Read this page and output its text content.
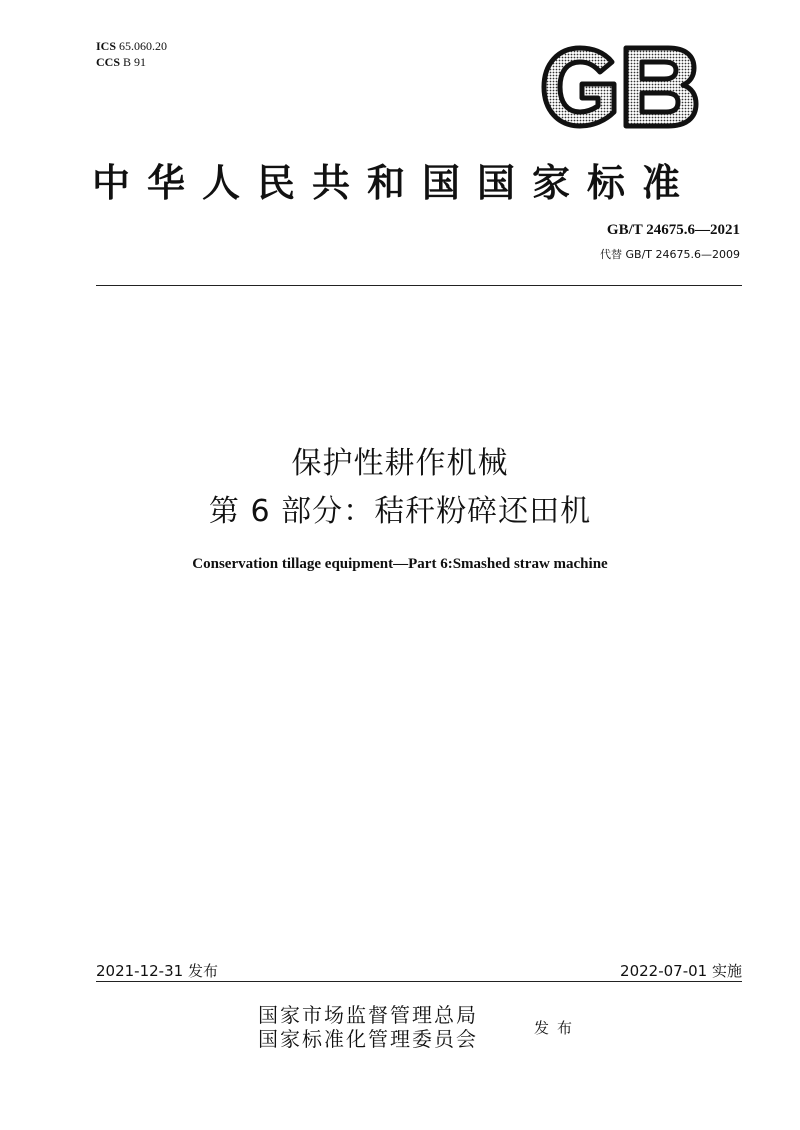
ICS 65.060.20
CCS B 91
中华人民共和国国家标准
GB/T 24675.6—2021
代替 GB/T 24675.6—2009
保护性耕作机械
第 6 部分：秸秆粉碎还田机
Conservation tillage equipment—Part 6:Smashed straw machine
2021-12-31 发布	2022-07-01 实施
国家市场监督管理总局
国家标准化管理委员会	发布
